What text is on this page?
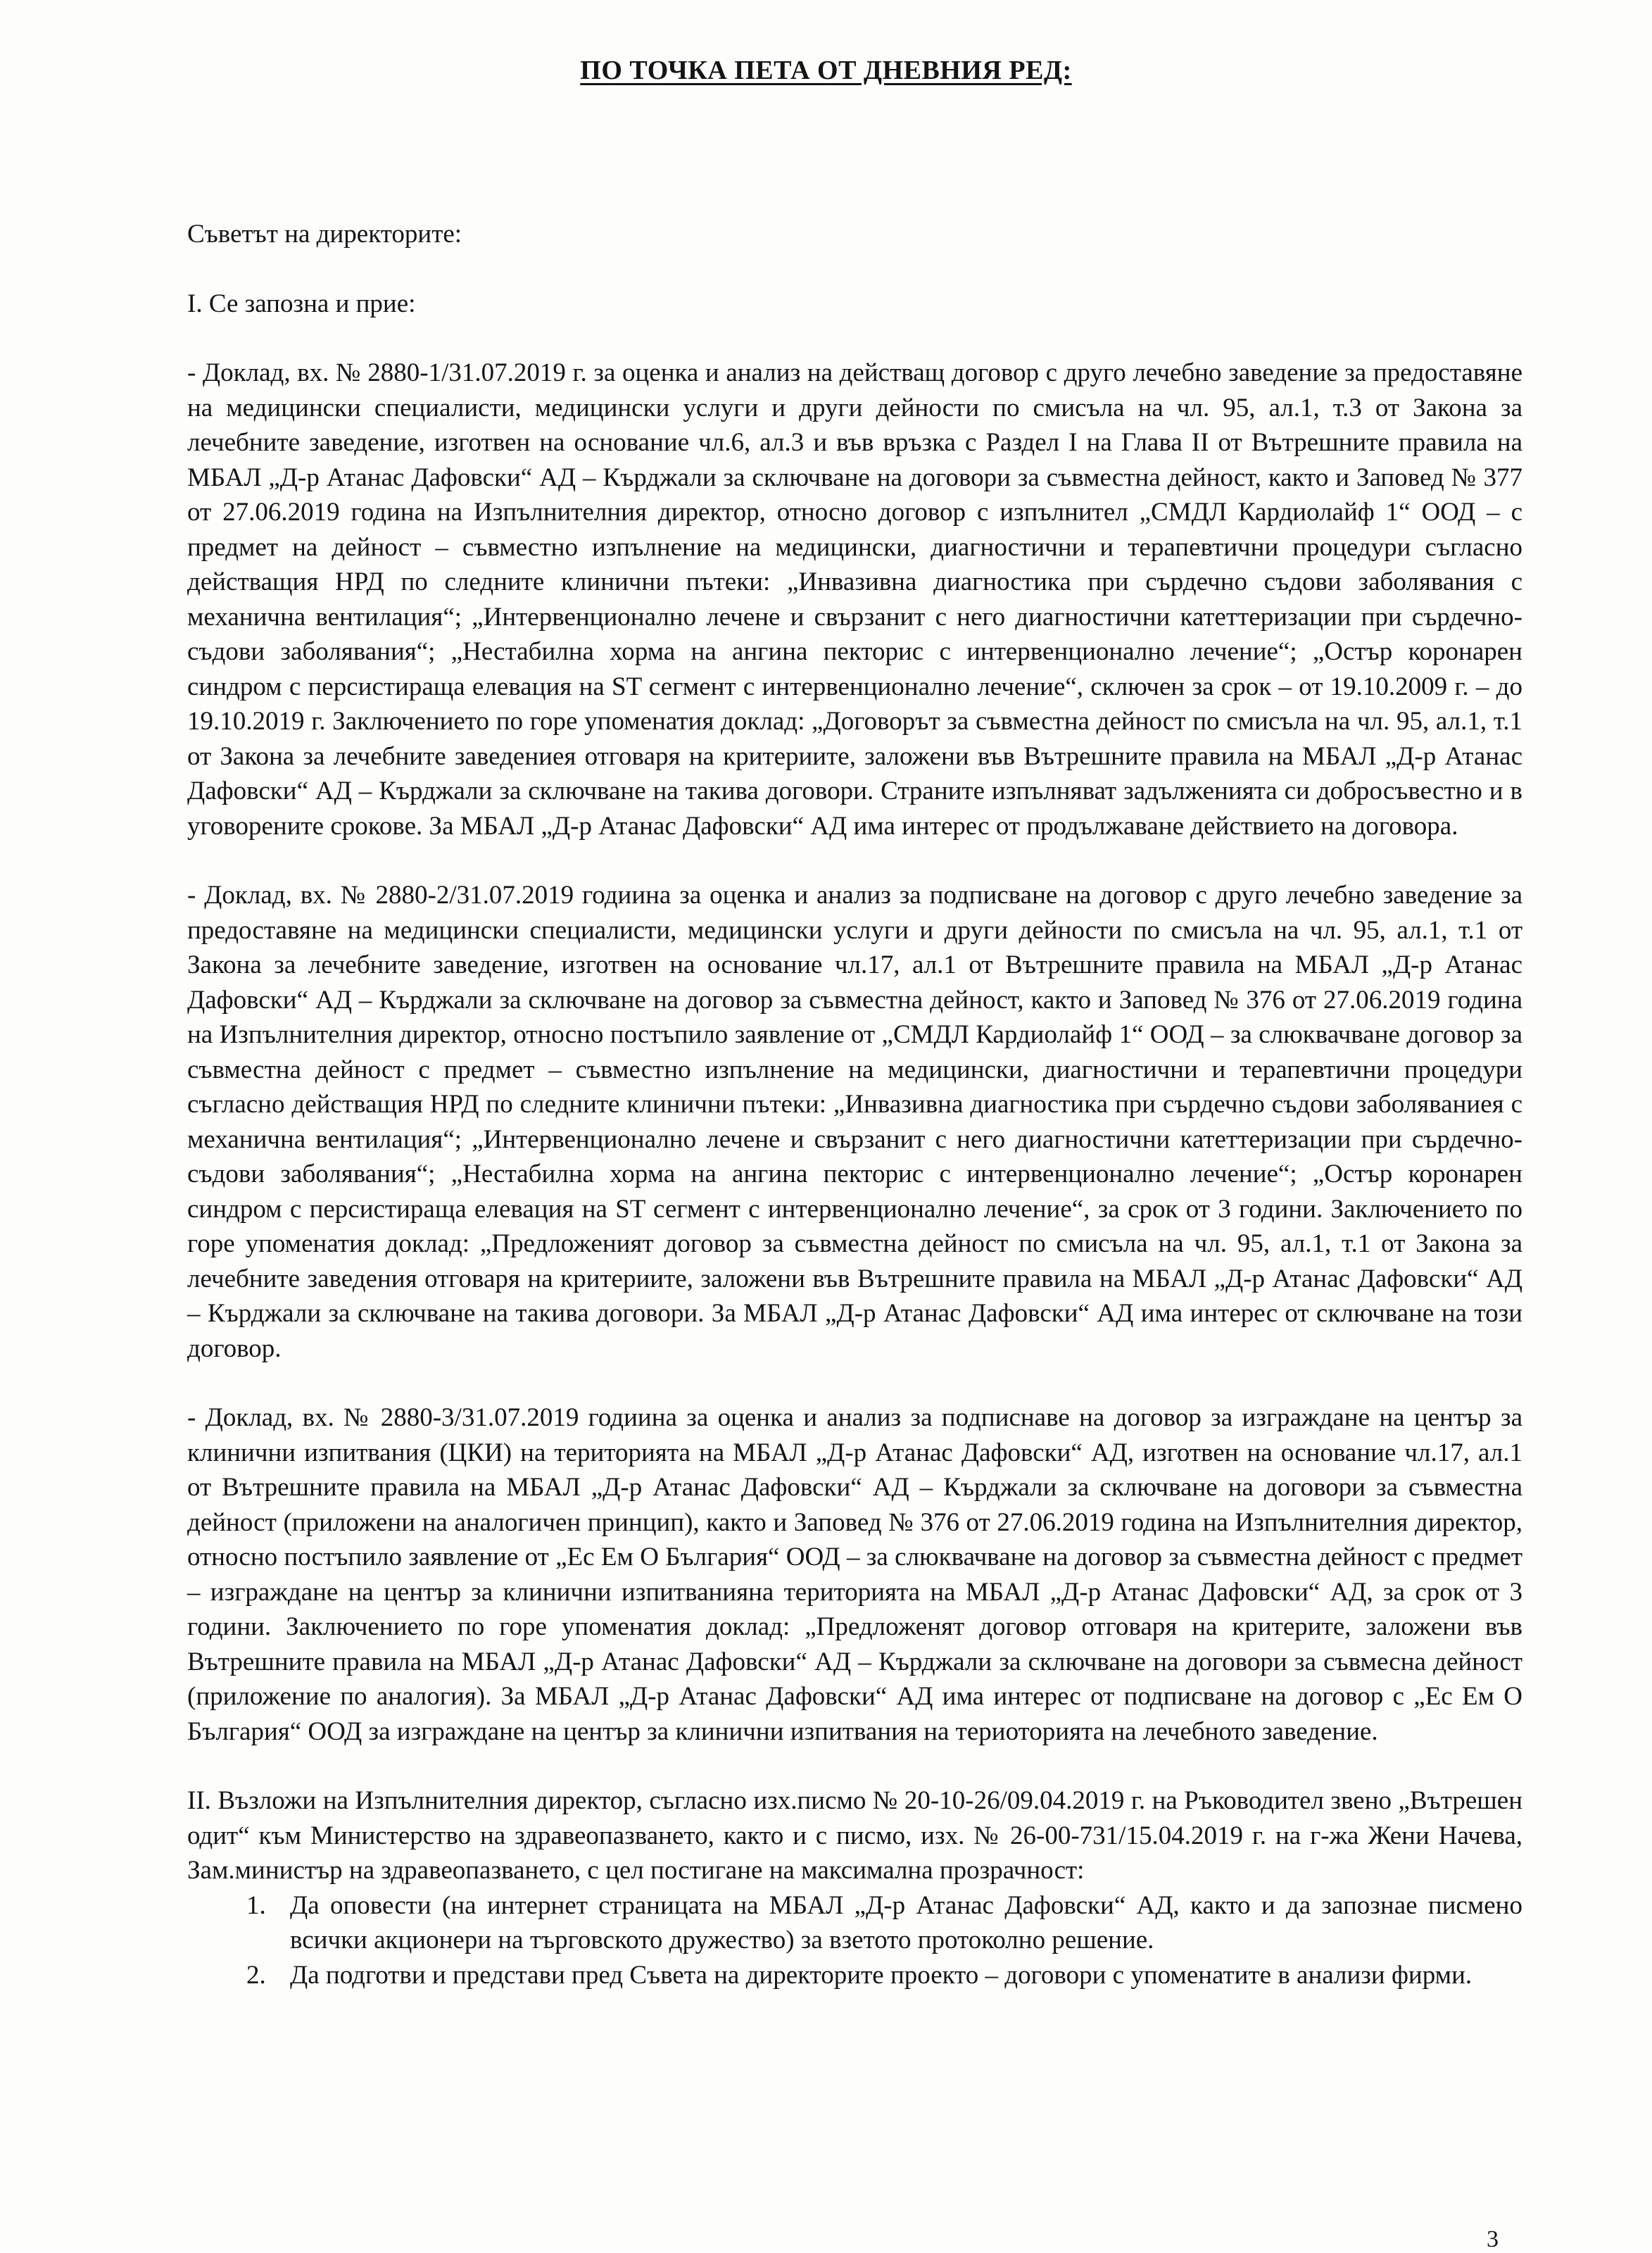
ПО ТОЧКА ПЕТА ОТ ДНЕВНИЯ РЕД:

Съветът на директорите:

I. Се запозна и прие:

- Доклад, вх. № 2880-1/31.07.2019 г. за оценка и анализ на действащ договор с друго лечебно заведение за предоставяне на медицински специалисти, медицински услуги и други дейности по смисъла на чл. 95, ал.1, т.3 от Закона за лечебните заведение, изготвен на основание чл.6, ал.3 и във връзка с Раздел I на Глава II от Вътрешните правила на МБАЛ „Д-р Атанас Дафовски“ АД – Кърджали за сключване на договори за съвместна дейност, както и Заповед № 377 от 27.06.2019 година на Изпълнителния директор, относно договор с изпълнител „СМДЛ Кардиолайф 1“ ООД – с предмет на дейност – съвместно изпълнение на медицински, диагностични и терапевтични процедури съгласно действащия НРД по следните клинични пътеки: „Инвазивна диагностика при сърдечно съдови заболявания с механична вентилация“; „Интервенционално лечене и свързанит с него диагностични катеттеризации при сърдечно-съдови заболявания“; „Нестабилна хорма на ангина пекторис с интервенционално лечение“; „Остър коронарен синдром с персистираща елевация на ST сегмент с интервенционално лечение“, сключен за срок – от 19.10.2009 г. – до 19.10.2019 г. Заключението по горе упоменатия доклад: „Договорът за съвместна дейност по смисъла на чл. 95, ал.1, т.1 от Закона за лечебните заведениея отговаря на критериите, заложени във Вътрешните правила на МБАЛ „Д-р Атанас Дафовски“ АД – Кърджали за сключване на такива договори. Страните изпълняват задълженията си добросъвестно и в уговорените срокове. За МБАЛ „Д-р Атанас Дафовски“ АД има интерес от продължаване действието на договора.

- Доклад, вх. № 2880-2/31.07.2019 годиина за оценка и анализ за подписване на договор с друго лечебно заведение за предоставяне на медицински специалисти, медицински услуги и други дейности по смисъла на чл. 95, ал.1, т.1 от Закона за лечебните заведение, изготвен на основание чл.17, ал.1 от Вътрешните правила на МБАЛ „Д-р Атанас Дафовски“ АД – Кърджали за сключване на договор за съвместна дейност, както и Заповед № 376 от 27.06.2019 година на Изпълнителния директор, относно постъпило заявление от „СМДЛ Кардиолайф 1“ ООД – за слюквачване договор за съвместна дейност с предмет – съвместно изпълнение на медицински, диагностични и терапевтични процедури съгласно действащия НРД по следните клинични пътеки: „Инвазивна диагностика при сърдечно съдови заболяваниея с механична вентилация“; „Интервенционално лечене и свързанит с него диагностични катеттеризации при сърдечно-съдови заболявания“; „Нестабилна хорма на ангина пекторис с интервенционално лечение“; „Остър коронарен синдром с персистираща елевация на ST сегмент с интервенционално лечение“, за срок от 3 години. Заключението по горе упоменатия доклад: „Предложеният договор за съвместна дейност по смисъла на чл. 95, ал.1, т.1 от Закона за лечебните заведения отговаря на критериите, заложени във Вътрешните правила на МБАЛ „Д-р Атанас Дафовски“ АД – Кърджали за сключване на такива договори. За МБАЛ „Д-р Атанас Дафовски“ АД има интерес от сключване на този договор.

- Доклад, вх. № 2880-3/31.07.2019 годиина за оценка и анализ за подписнаве на договор за изграждане на център за клинични изпитвания (ЦКИ) на територията на МБАЛ „Д-р Атанас Дафовски“ АД, изготвен на основание чл.17, ал.1 от Вътрешните правила на МБАЛ „Д-р Атанас Дафовски“ АД – Кърджали за сключване на договори за съвместна дейност (приложени на аналогичен принцип), както и Заповед № 376 от 27.06.2019 година на Изпълнителния директор, относно постъпило заявление от „Ес Ем О България“ ООД – за слюквачване на договор за съвместна дейност с предмет – изграждане на център за клинични изпитванияна територията на МБАЛ „Д-р Атанас Дафовски“ АД, за срок от 3 години. Заключението по горе упоменатия доклад: „Предложенят договор отговаря на критерите, заложени във Вътрешните правила на МБАЛ „Д-р Атанас Дафовски“ АД – Кърджали за сключване на договори за съвмесна дейност (приложение по аналогия). За МБАЛ „Д-р Атанас Дафовски“ АД има интерес от подписване на договор с „Ес Ем О България“ ООД за изграждане на център за клинични изпитвания на териоторията на лечебното заведение.

II. Възложи на Изпълнителния директор, съгласно изх.писмо № 20-10-26/09.04.2019 г. на Ръководител звено „Вътрешен одит“ към Министерство на здравеопазването, както и с писмо, изх. № 26-00-731/15.04.2019 г. на г-жа Жени Начева, Зам.министър на здравеопазването, с цел постигане на максимална прозрачност:

1. Да оповести (на интернет страницата на МБАЛ „Д-р Атанас Дафовски“ АД, както и да запознае писмено всички акционери на търговското дружество) за взетото протоколно решение.
2. Да подготви и представи пред Съвета на директорите проекто – договори с упоменатите в анализи фирми.
3
